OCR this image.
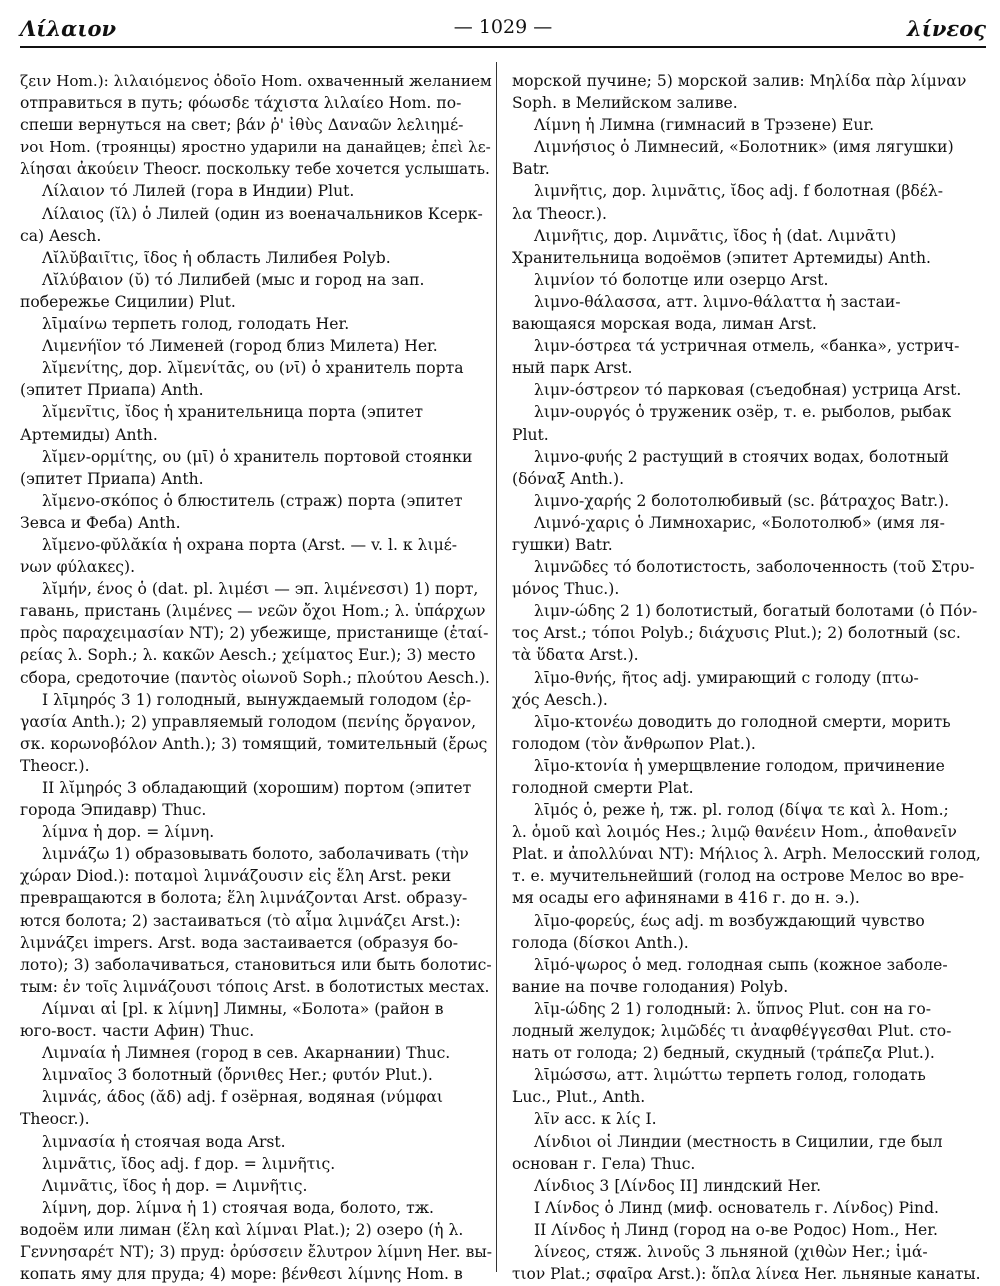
Λίλαιον	— 1029 —	λίνεος
ζειν Hom.): λιλαιόμενος ὁδοῖο Hom. охваченный желанием
отправиться в путь; φόωσδε τάχιστα λιλαίεο Hom. по-
спеши вернуться на свет; βάν ῥ' ἰθὺς Δαναῶν λελιημέ-
νοι Hom. (троянцы) яростно ударили на данайцев; ἐπεὶ λε-
λίησαι ἀκούειν Theocr. поскольку тебе хочется услышать.
Λίλαιον τό Лилей (гора в Индии) Plut.
Λίλαιος (ῐλ) ὁ Лилей (один из военачальников Ксерк-
са) Aesch.
Λῐλῠβαιῖτις, ῖδος ἡ область Лилибея Polyb.
Λῐλύβαιον (ῠ) τό Лилибей (мыс и город на зап.
побережье Сицилии) Plut.
λῑμαίνω терпеть голод, голодать Her.
Λιμενήϊον τό Лименей (город близ Милета) Her.
λῐμενίτης, дор. λῐμενίτᾱς, ου (νῑ) ὁ хранитель порта
(эпитет Приапа) Anth.
λῐμενῖτις, ῐδος ἡ хранительница порта (эпитет
Артемиды) Anth.
λῐμεν-ορμίτης, ου (μῑ) ὁ хранитель портовой стоянки
(эпитет Приапа) Anth.
λῐμενο-σκόπος ὁ блюститель (страж) порта (эпитет
Зевса и Феба) Anth.
λῐμενο-φῠλᾰκία ἡ охрана порта (Arst. — v. l. к λιμέ-
νων φύλακες).
λῐμήν, ένος ὁ (dat. pl. λιμέσι — эп. λιμένεσσι) 1) порт,
гавань, пристань (λιμένες — νεῶν ὄχοι Hom.; λ. ὑπάρχων
πρὸς παραχειμασίαν NT); 2) убежище, пристанище (ἑταί-
ρείας λ. Soph.; λ. κακῶν Aesch.; χείματος Eur.); 3) место
сбора, средоточие (παντὸς οἰωνοῦ Soph.; πλούτου Aesch.).
I λῑμηρός 3 1) голодный, вынуждаемый голодом (ἐρ-
γασία Anth.); 2) управляемый голодом (πενίης ὄργανον,
σκ. κορωνοβόλον Anth.); 3) томящий, томительный (ἔρως
Theocr.).
II λῐμηρός 3 обладающий (хорошим) портом (эпитет
города Эпидавр) Thuc.
λίμνα ἡ дор. = λίμνη.
λιμνάζω 1) образовывать болото, заболачивать (τὴν
χώραν Diod.): ποταμοὶ λιμνάζουσιν εἰς ἕλη Arst. реки
превращаются в болота; ἕλη λιμνάζονται Arst. образу-
ются болота; 2) застаиваться (τὸ αἷμα λιμνάζει Arst.):
λιμνάζει impers. Arst. вода застаивается (образуя бо-
лото); 3) заболачиваться, становиться или быть болотис-
тым: ἐν τοῖς λιμνάζουσι τόποις Arst. в болотистых местах.
Λίμναι αἱ [pl. к λίμνη] Лимны, «Болота» (район в
юго-вост. части Афин) Thuc.
Λιμναία ἡ Лимнея (город в сев. Акарнании) Thuc.
λιμναῖος 3 болотный (ὄρνιθες Her.; φυτόν Plut.).
λιμνάς, άδος (ᾰδ) adj. f озёрная, водяная (νύμφαι
Theocr.).
λιμνασία ἡ стоячая вода Arst.
λιμνᾶτις, ῐδος adj. f дор. = λιμνῆτις.
Λιμνᾶτις, ῐδος ἡ дор. = Λιμνῆτις.
λίμνη, дор. λίμνα ἡ 1) стоячая вода, болото, тж.
водоём или лиман (ἕλη καὶ λίμναι Plat.); 2) озеро (ἡ λ.
Γεννησαρέτ NT); 3) пруд: ὀρύσσειν ἔλυτρον λίμνη Her. вы-
копать яму для пруда; 4) море: βένθεσι λίμνης Hom. в
морской пучине; 5) морской залив: Μηλίδα πὰρ λίμναν
Soph. в Мелийском заливе.
Λίμνη ἡ Лимна (гимнасий в Трэзене) Eur.
Λιμνήσιος ὁ Лимнесий, «Болотник» (имя лягушки)
Batr.
λιμνῆτις, дор. λιμνᾶτις, ῐδος adj. f болотная (βδέλ-
λα Theocr.).
Λιμνῆτις, дор. Λιμνᾶτις, ῐδος ἡ (dat. Λιμνᾶτι)
Хранительница водоёмов (эпитет Артемиды) Anth.
λιμνίον τό болотце или озерцо Arst.
λιμνο-θάλασσα, атт. λιμνο-θάλαττα ἡ застаи-
вающаяся морская вода, лиман Arst.
λιμν-όστρεα τά устричная отмель, «банка», устрич-
ный парк Arst.
λιμν-όστρεον τό парковая (съедобная) устрица Arst.
λιμν-ουργός ὁ труженик озёр, т. е. рыболов, рыбак
Plut.
λιμνο-φυής 2 растущий в стоячих водах, болотный
(δόναξ Anth.).
λιμνο-χαρής 2 болотолюбивый (sc. βάτραχος Batr.).
Λιμνό-χαρις ὁ Лимнохарис, «Болотолюб» (имя ля-
гушки) Batr.
λιμνῶδες τό болотистость, заболоченность (τοῦ Στρυ-
μόνος Thuc.).
λιμν-ώδης 2 1) болотистый, богатый болотами (ὁ Πόν-
τος Arst.; τόποι Polyb.; διάχυσις Plut.); 2) болотный (sc.
τὰ ὕδατα Arst.).
λῑμο-θνής, ῆτος adj. умирающий с голоду (πτω-
χός Aesch.).
λῑμο-κτονέω доводить до голодной смерти, морить
голодом (τὸν ἄνθρωπον Plat.).
λῑμο-κτονία ἡ умерщвление голодом, причинение
голодной смерти Plat.
λῑμός ὁ, реже ἡ, тж. pl. голод (δίψα τε καὶ λ. Hom.;
λ. ὁμοῦ καὶ λοιμός Hes.; λιμῷ θανέειν Hom., ἀποθανεῖν
Plat. и ἀπολλύναι NT): Μήλιος λ. Arph. Мелосский голод,
т. е. мучительнейший (голод на острове Мелос во вре-
мя осады его афинянами в 416 г. до н. э.).
λῑμο-φορεύς, έως adj. m возбуждающий чувство
голода (δίσκοι Anth.).
λῑμό-ψωρος ὁ мед. голодная сыпь (кожное заболе-
вание на почве голодания) Polyb.
λῑμ-ώδης 2 1) голодный: λ. ὕπνος Plut. сон на го-
лодный желудок; λιμῶδές τι ἀναφθέγγεσθαι Plut. сто-
нать от голода; 2) бедный, скудный (τράπεζα Plut.).
λῑμώσσω, атт. λιμώττω терпеть голод, голодать
Luc., Plut., Anth.
λῖν acc. к λίς I.
Λίνδιοι οἱ Линдии (местность в Сицилии, где был
основан г. Гела) Thuc.
Λίνδιος 3 [Λίνδος II] линдский Her.
I Λίνδος ὁ Линд (миф. основатель г. Λίνδος) Pind.
II Λίνδος ἡ Линд (город на о-ве Родос) Hom., Her.
λίνεος, стяж. λινοῦς 3 льняной (χιθὼν Her.; ἱμά-
τιον Plat.; σφαῖρα Arst.): ὅπλα λίνεα Her. льняные канаты.
